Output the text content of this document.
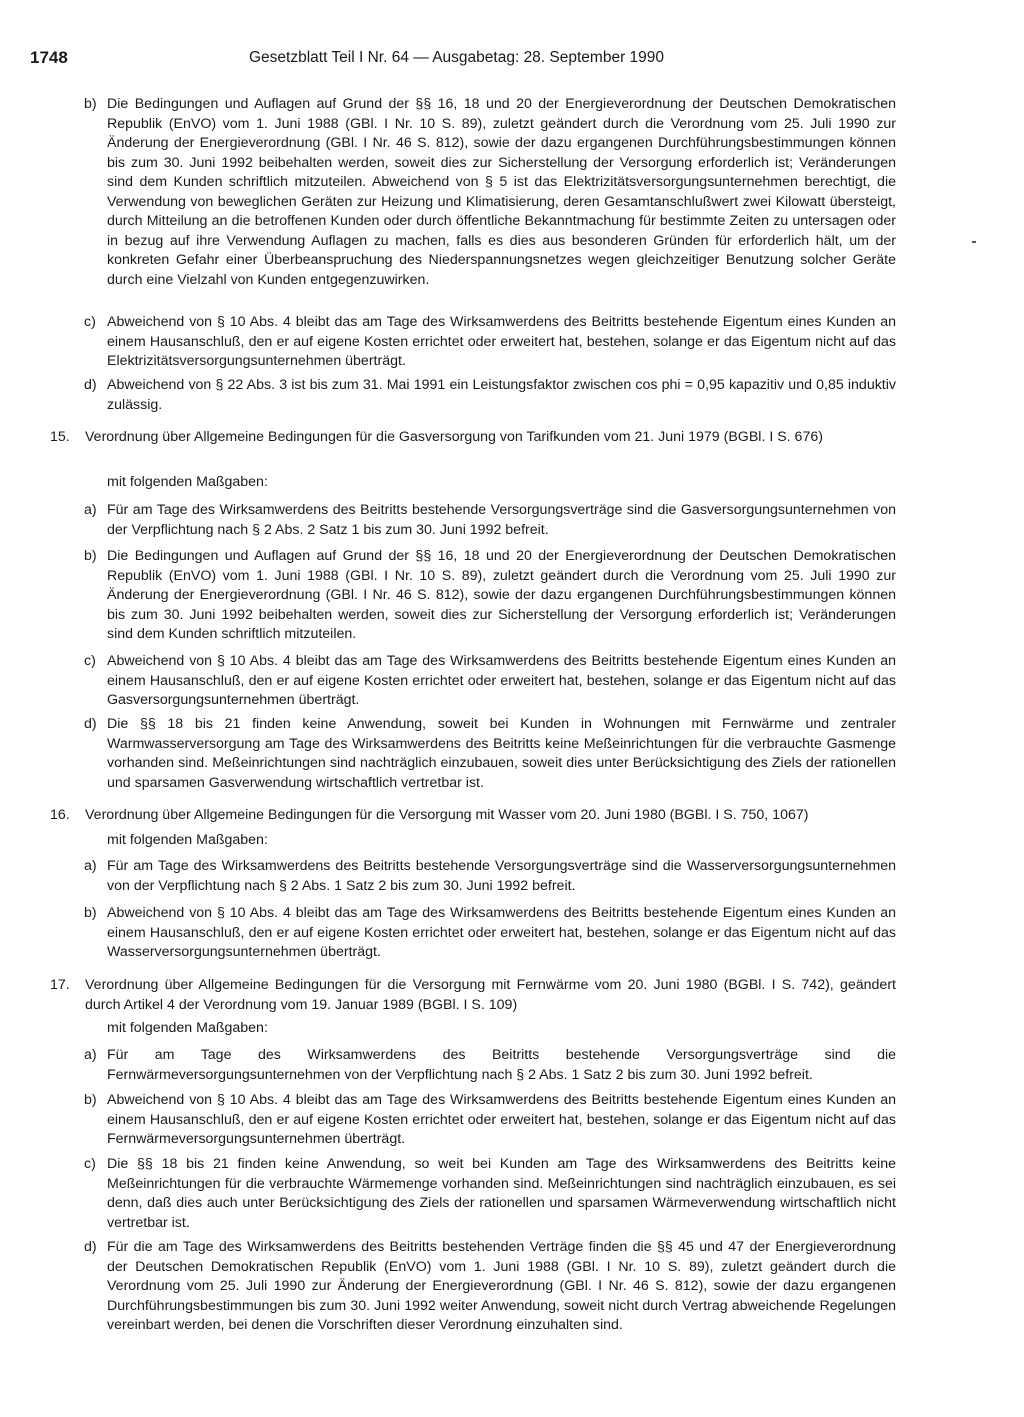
1748	Gesetzblatt Teil I Nr. 64 — Ausgabetag: 28. September 1990
b) Die Bedingungen und Auflagen auf Grund der §§ 16, 18 und 20 der Energieverordnung der Deutschen Demokratischen Republik (EnVO) vom 1. Juni 1988 (GBl. I Nr. 10 S. 89), zuletzt geändert durch die Verordnung vom 25. Juli 1990 zur Änderung der Energieverordnung (GBl. I Nr. 46 S. 812), sowie der dazu ergangenen Durchführungsbestimmungen können bis zum 30. Juni 1992 beibehalten werden, soweit dies zur Sicherstellung der Versorgung erforderlich ist; Veränderungen sind dem Kunden schriftlich mitzuteilen. Abweichend von § 5 ist das Elektrizitätsversorgungsunternehmen berechtigt, die Verwendung von beweglichen Geräten zur Heizung und Klimatisierung, deren Gesamtanschlußwert zwei Kilowatt übersteigt, durch Mitteilung an die betroffenen Kunden oder durch öffentliche Bekanntmachung für bestimmte Zeiten zu untersagen oder in bezug auf ihre Verwendung Auflagen zu machen, falls es dies aus besonderen Gründen für erforderlich hält, um der konkreten Gefahr einer Überbeanspruchung des Niederspannungsnetzes wegen gleichzeitiger Benutzung solcher Geräte durch eine Vielzahl von Kunden entgegenzuwirken.
c) Abweichend von § 10 Abs. 4 bleibt das am Tage des Wirksamwerdens des Beitritts bestehende Eigentum eines Kunden an einem Hausanschluß, den er auf eigene Kosten errichtet oder erweitert hat, bestehen, solange er das Eigentum nicht auf das Elektrizitätsversorgungsunternehmen überträgt.
d) Abweichend von § 22 Abs. 3 ist bis zum 31. Mai 1991 ein Leistungsfaktor zwischen cos phi = 0,95 kapazitiv und 0,85 induktiv zulässig.
15. Verordnung über Allgemeine Bedingungen für die Gasversorgung von Tarifkunden vom 21. Juni 1979 (BGBl. I S. 676)
mit folgenden Maßgaben:
a) Für am Tage des Wirksamwerdens des Beitritts bestehende Versorgungsverträge sind die Gasversorgungsunternehmen von der Verpflichtung nach § 2 Abs. 2 Satz 1 bis zum 30. Juni 1992 befreit.
b) Die Bedingungen und Auflagen auf Grund der §§ 16, 18 und 20 der Energieverordnung der Deutschen Demokratischen Republik (EnVO) vom 1. Juni 1988 (GBl. I Nr. 10 S. 89), zuletzt geändert durch die Verordnung vom 25. Juli 1990 zur Änderung der Energieverordnung (GBl. I Nr. 46 S. 812), sowie der dazu ergangenen Durchführungsbestimmungen können bis zum 30. Juni 1992 beibehalten werden, soweit dies zur Sicherstellung der Versorgung erforderlich ist; Veränderungen sind dem Kunden schriftlich mitzuteilen.
c) Abweichend von § 10 Abs. 4 bleibt das am Tage des Wirksamwerdens des Beitritts bestehende Eigentum eines Kunden an einem Hausanschluß, den er auf eigene Kosten errichtet oder erweitert hat, bestehen, solange er das Eigentum nicht auf das Gasversorgungsunternehmen überträgt.
d) Die §§ 18 bis 21 finden keine Anwendung, soweit bei Kunden in Wohnungen mit Fernwärme und zentraler Warmwasserversorgung am Tage des Wirksamwerdens des Beitritts keine Meßeinrichtungen für die verbrauchte Gasmenge vorhanden sind. Meßeinrichtungen sind nachträglich einzubauen, soweit dies unter Berücksichtigung des Ziels der rationellen und sparsamen Gasverwendung wirtschaftlich vertretbar ist.
16. Verordnung über Allgemeine Bedingungen für die Versorgung mit Wasser vom 20. Juni 1980 (BGBl. I S. 750, 1067)
mit folgenden Maßgaben:
a) Für am Tage des Wirksamwerdens des Beitritts bestehende Versorgungsverträge sind die Wasserversorgungsunternehmen von der Verpflichtung nach § 2 Abs. 1 Satz 2 bis zum 30. Juni 1992 befreit.
b) Abweichend von § 10 Abs. 4 bleibt das am Tage des Wirksamwerdens des Beitritts bestehende Eigentum eines Kunden an einem Hausanschluß, den er auf eigene Kosten errichtet oder erweitert hat, bestehen, solange er das Eigentum nicht auf das Wasserversorgungsunternehmen überträgt.
17. Verordnung über Allgemeine Bedingungen für die Versorgung mit Fernwärme vom 20. Juni 1980 (BGBl. I S. 742), geändert durch Artikel 4 der Verordnung vom 19. Januar 1989 (BGBl. I S. 109)
mit folgenden Maßgaben:
a) Für am Tage des Wirksamwerdens des Beitritts bestehende Versorgungsverträge sind die Fernwärmeversorgungsunternehmen von der Verpflichtung nach § 2 Abs. 1 Satz 2 bis zum 30. Juni 1992 befreit.
b) Abweichend von § 10 Abs. 4 bleibt das am Tage des Wirksamwerdens des Beitritts bestehende Eigentum eines Kunden an einem Hausanschluß, den er auf eigene Kosten errichtet oder erweitert hat, bestehen, solange er das Eigentum nicht auf das Fernwärmeversorgungsunternehmen überträgt.
c) Die §§ 18 bis 21 finden keine Anwendung, so weit bei Kunden am Tage des Wirksamwerdens des Beitritts keine Meßeinrichtungen für die verbrauchte Wärmemenge vorhanden sind. Meßeinrichtungen sind nachträglich einzubauen, es sei denn, daß dies auch unter Berücksichtigung des Ziels der rationellen und sparsamen Wärmeverwendung wirtschaftlich nicht vertretbar ist.
d) Für die am Tage des Wirksamwerdens des Beitritts bestehenden Verträge finden die §§ 45 und 47 der Energieverordnung der Deutschen Demokratischen Republik (EnVO) vom 1. Juni 1988 (GBl. I Nr. 10 S. 89), zuletzt geändert durch die Verordnung vom 25. Juli 1990 zur Änderung der Energieverordnung (GBl. I Nr. 46 S. 812), sowie der dazu ergangenen Durchführungsbestimmungen bis zum 30. Juni 1992 weiter Anwendung, soweit nicht durch Vertrag abweichende Regelungen vereinbart werden, bei denen die Vorschriften dieser Verordnung einzuhalten sind.
